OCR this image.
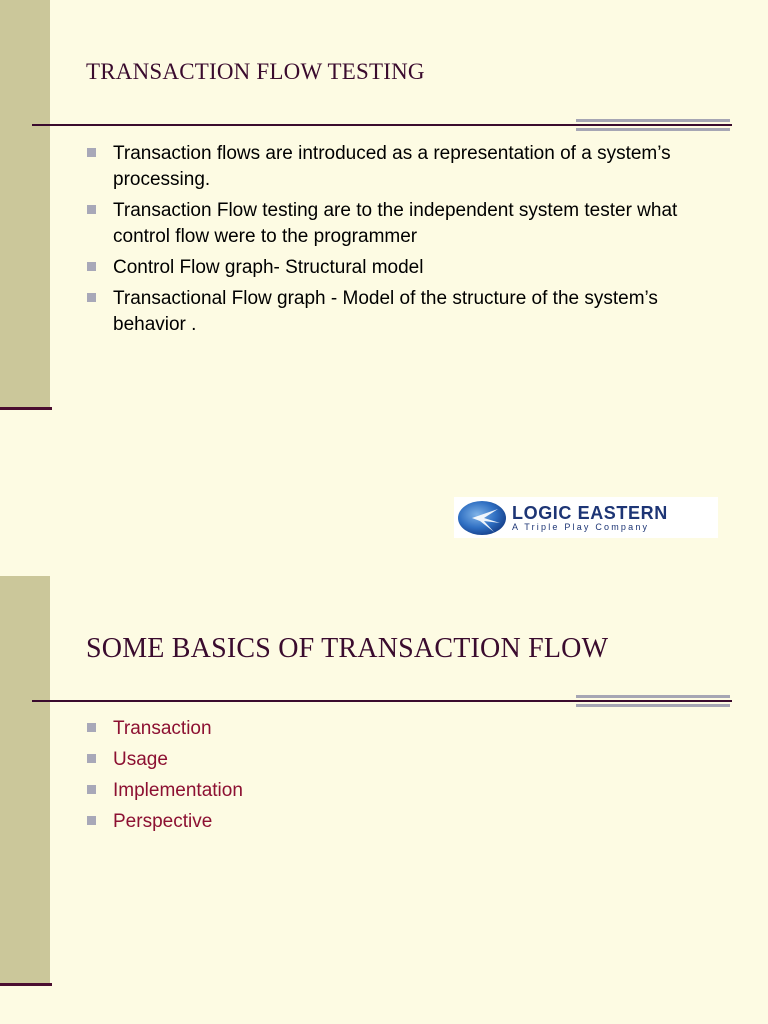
TRANSACTION FLOW TESTING
Transaction flows are introduced as a representation of a system’s processing.
Transaction Flow testing are to the independent system tester what control flow were to the programmer
Control Flow graph- Structural model
Transactional Flow graph - Model of the structure of the system’s behavior .
LOGIC EASTERN
A Triple Play Company
SOME BASICS OF TRANSACTION FLOW
Transaction
Usage
Implementation
Perspective
